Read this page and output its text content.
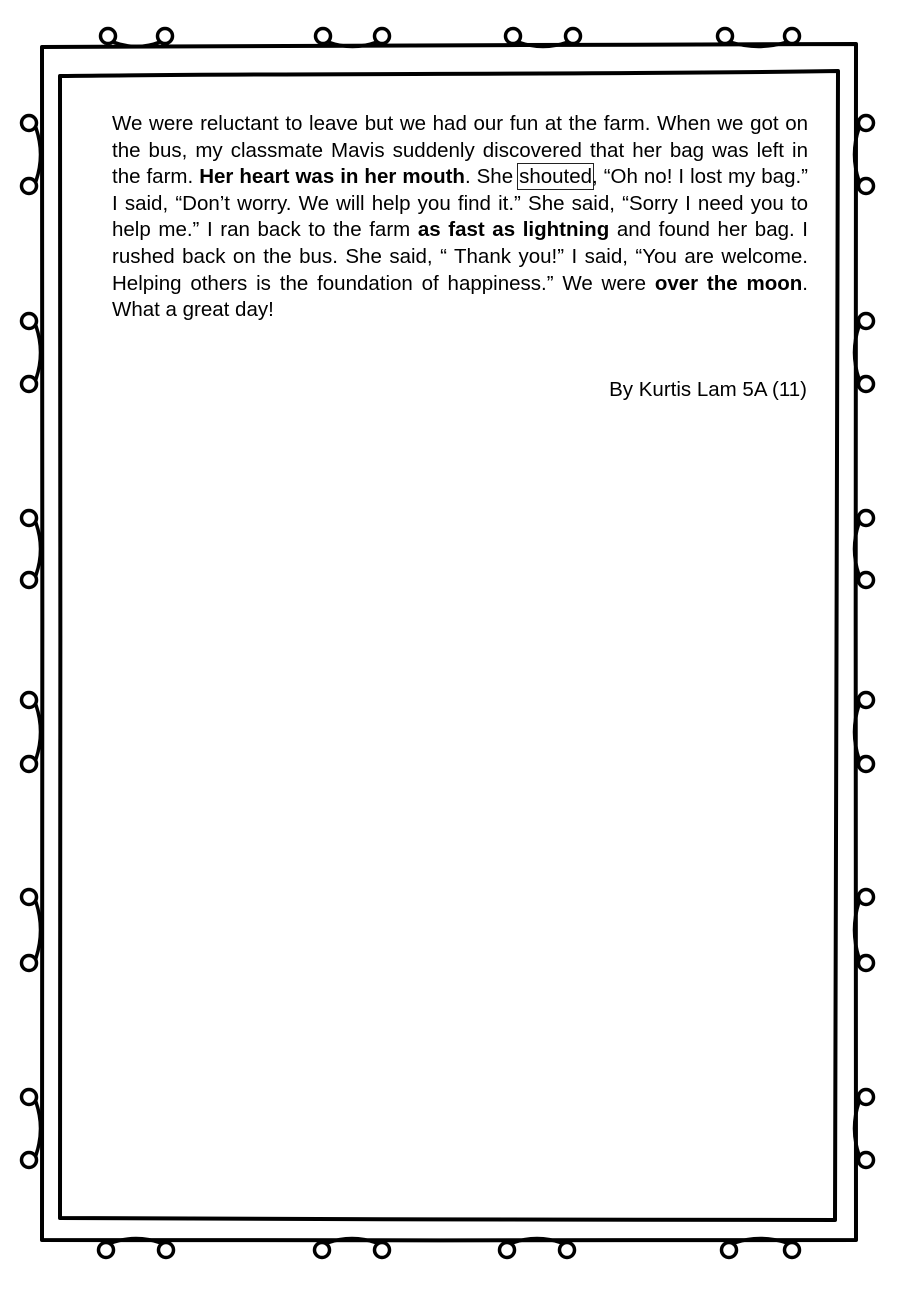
We were reluctant to leave but we had our fun at the farm. When we got on the bus, my classmate Mavis suddenly discovered that her bag was left in the farm. Her heart was in her mouth. She shouted, “Oh no! I lost my bag.” I said, “Don’t worry. We will help you find it.” She said, “Sorry I need you to help me.” I ran back to the farm as fast as lightning and found her bag. I rushed back on the bus. She said, “ Thank you!” I said, “You are welcome. Helping others is the foundation of happiness.” We were over the moon. What a great day!

By Kurtis Lam 5A (11)
